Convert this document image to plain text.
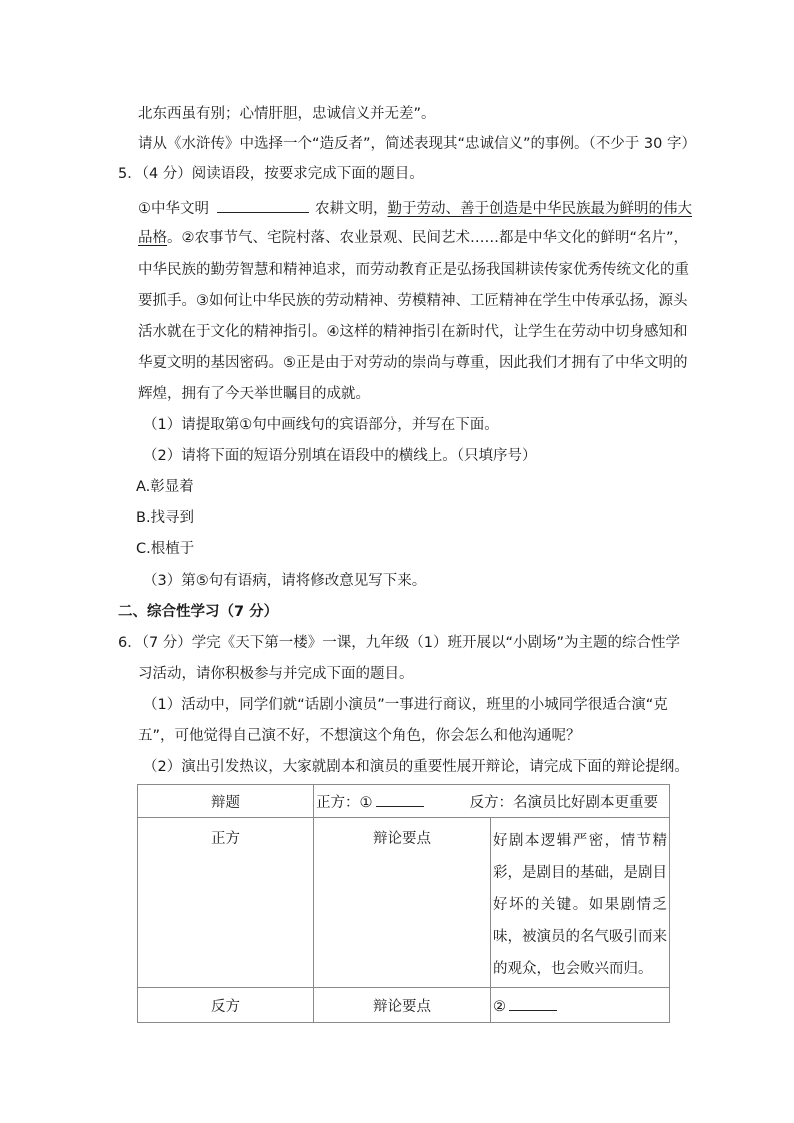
北东西虽有别；心情肝胆，忠诚信义并无差”。
请从《水浒传》中选择一个“造反者”，简述表现其“忠诚信义”的事例。（不少于 30 字）
5．（4 分）阅读语段，按要求完成下面的题目。
①中华文明	农耕文明，勤于劳动、善于创造是中华民族最为鲜明的伟大
品格。②农事节气、宅院村落、农业景观、民间艺术……都是中华文化的鲜明“名片”，
中华民族的勤劳智慧和精神追求，而劳动教育正是弘扬我国耕读传家优秀传统文化的重
要抓手。③如何让中华民族的劳动精神、劳模精神、工匠精神在学生中传承弘扬，源头
活水就在于文化的精神指引。④这样的精神指引在新时代，让学生在劳动中切身感知和
华夏文明的基因密码。⑤正是由于对劳动的崇尚与尊重，因此我们才拥有了中华文明的
辉煌，拥有了今天举世瞩目的成就。
（1）请提取第①句中画线句的宾语部分，并写在下面。
（2）请将下面的短语分别填在语段中的横线上。（只填序号）
A.彰显着
B.找寻到
C.根植于
（3）第⑤句有语病，请将修改意见写下来。
二、综合性学习（7 分）
6．（7 分）学完《天下第一楼》一课，九年级（1）班开展以“小剧场”为主题的综合性学
习活动，请你积极参与并完成下面的题目。
（1）活动中，同学们就“话剧小演员”一事进行商议，班里的小城同学很适合演“克
五”，可他觉得自己演不好，不想演这个角色，你会怎么和他沟通呢？
（2）演出引发热议，大家就剧本和演员的重要性展开辩论，请完成下面的辩论提纲。
辩题	正方：① 反方：名演员比好剧本更重要	
正方	辩论要点	好剧本逻辑严密，情节精彩，是剧目的基础，是剧目好坏的关键。如果剧情乏味，被演员的名气吸引而来的观众，也会败兴而归。
反方	辩论要点	②
